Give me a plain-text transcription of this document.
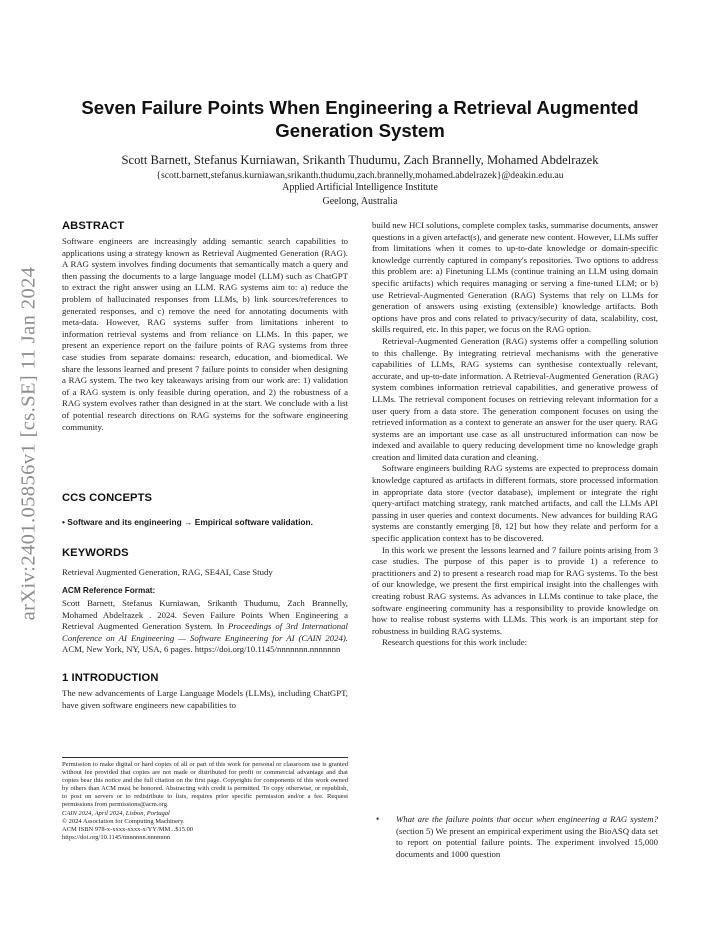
arXiv:2401.05856v1 [cs.SE] 11 Jan 2024
Seven Failure Points When Engineering a Retrieval Augmented
Generation System
Scott Barnett, Stefanus Kurniawan, Srikanth Thudumu, Zach Brannelly, Mohamed Abdelrazek
{scott.barnett,stefanus.kurniawan,srikanth.thudumu,zach.brannelly,mohamed.abdelrazek}@deakin.edu.au
Applied Artificial Intelligence Institute
Geelong, Australia
ABSTRACT

Software engineers are increasingly adding semantic search capabilities to applications using a strategy known as Retrieval Augmented Generation (RAG). A RAG system involves finding documents that semantically match a query and then passing the documents to a large language model (LLM) such as ChatGPT to extract the right answer using an LLM. RAG systems aim to: a) reduce the problem of hallucinated responses from LLMs, b) link sources/references to generated responses, and c) remove the need for annotating documents with meta-data. However, RAG systems suffer from limitations inherent to information retrieval systems and from reliance on LLMs. In this paper, we present an experience report on the failure points of RAG systems from three case studies from separate domains: research, education, and biomedical. We share the lessons learned and present 7 failure points to consider when designing a RAG system. The two key takeaways arising from our work are: 1) validation of a RAG system is only feasible during operation, and 2) the robustness of a RAG system evolves rather than designed in at the start. We conclude with a list of potential research directions on RAG systems for the software engineering community.

CCS CONCEPTS

• Software and its engineering → Empirical software validation.

KEYWORDS

Retrieval Augmented Generation, RAG, SE4AI, Case Study

ACM Reference Format:

Scott Barnett, Stefanus Kurniawan, Srikanth Thudumu, Zach Brannelly, Mohamed Abdelrazek . 2024. Seven Failure Points When Engineering a Retrieval Augmented Generation System. In Proceedings of 3rd International Conference on AI Engineering — Software Engineering for AI (CAIN 2024). ACM, New York, NY, USA, 6 pages. https://doi.org/10.1145/nnnnnnn.nnnnnnn

1 INTRODUCTION

The new advancements of Large Language Models (LLMs), including ChatGPT, have given software engineers new capabilities to

Permission to make digital or hard copies of all or part of this work for personal or classroom use is granted without fee provided that copies are not made or distributed for profit or commercial advantage and that copies bear this notice and the full citation on the first page. Copyrights for components of this work owned by others than ACM must be honored. Abstracting with credit is permitted. To copy otherwise, or republish, to post on servers or to redistribute to lists, requires prior specific permission and/or a fee. Request permissions from permissions@acm.org.

CAIN 2024, April 2024, Lisbon, Portugal

© 2024 Association for Computing Machinery.

ACM ISBN 978-x-xxxx-xxxx-x/YY/MM...$15.00

https://doi.org/10.1145/nnnnnnn.nnnnnnn

build new HCI solutions, complete complex tasks, summarise documents, answer questions in a given artefact(s), and generate new content. However, LLMs suffer from limitations when it comes to up-to-date knowledge or domain-specific knowledge currently captured in company's repositories. Two options to address this problem are: a) Finetuning LLMs (continue training an LLM using domain specific artifacts) which requires managing or serving a fine-tuned LLM; or b) use Retrieval-Augmented Generation (RAG) Systems that rely on LLMs for generation of answers using existing (extensible) knowledge artifacts. Both options have pros and cons related to privacy/security of data, scalability, cost, skills required, etc. In this paper, we focus on the RAG option.

Retrieval-Augmented Generation (RAG) systems offer a compelling solution to this challenge. By integrating retrieval mechanisms with the generative capabilities of LLMs, RAG systems can synthesise contextually relevant, accurate, and up-to-date information. A Retrieval-Augmented Generation (RAG) system combines information retrieval capabilities, and generative prowess of LLMs. The retrieval component focuses on retrieving relevant information for a user query from a data store. The generation component focuses on using the retrieved information as a context to generate an answer for the user query. RAG systems are an important use case as all unstructured information can now be indexed and available to query reducing development time no knowledge graph creation and limited data curation and cleaning.

Software engineers building RAG systems are expected to preprocess domain knowledge captured as artifacts in different formats, store processed information in appropriate data store (vector database), implement or integrate the right query-artifact matching strategy, rank matched artifacts, and call the LLMs API passing in user queries and context documents. New advances for building RAG systems are constantly emerging [8, 12] but how they relate and perform for a specific application context has to be discovered.

In this work we present the lessons learned and 7 failure points arising from 3 case studies. The purpose of this paper is to provide 1) a reference to practitioners and 2) to present a research road map for RAG systems. To the best of our knowledge, we present the first empirical insight into the challenges with creating robust RAG systems. As advances in LLMs continue to take place, the software engineering community has a responsibility to provide knowledge on how to realise robust systems with LLMs. This work is an important step for robustness in building RAG systems.

Research questions for this work include:

•	What are the failure points that occur when engineering a RAG system? (section 5) We present an empirical experiment using the BioASQ data set to report on potential failure points. The experiment involved 15,000 documents and 1000 question
